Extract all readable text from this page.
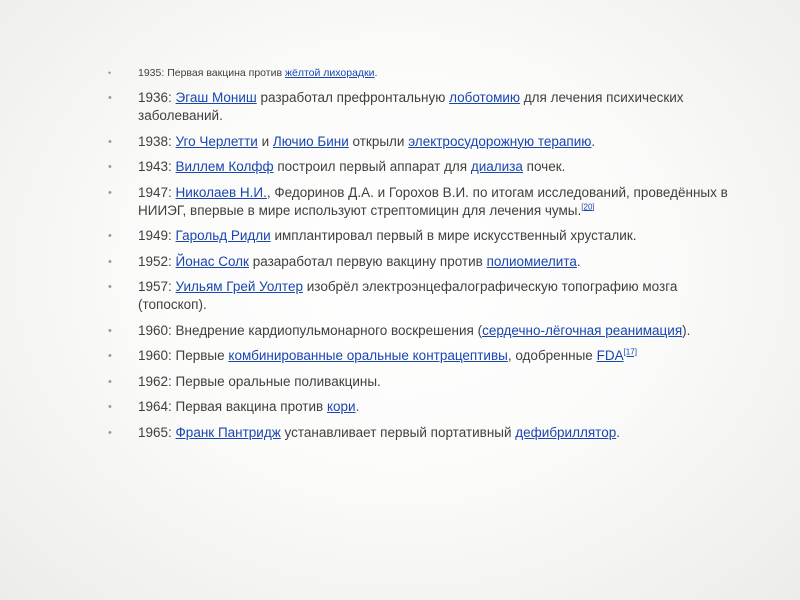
•	1935: Первая вакцина против жёлтой лихорадки.
• 1936: Эгаш Мониш разработал префронтальную лоботомию для лечения психических заболеваний.
• 1938: Уго Черлетти и Лючио Бини открыли электросудорожную терапию.
• 1943: Виллем Колфф построил первый аппарат для диализа почек.
• 1947: Николаев Н.И., Федоринов Д.А. и Горохов В.И. по итогам исследований, проведённых в НИИЭГ, впервые в мире используют стрептомицин для лечения чумы.[20]
• 1949: Гарольд Ридли имплантировал первый в мире искусственный хрусталик.
• 1952: Йонас Солк разаработал первую вакцину против полиомиелита.
• 1957: Уильям Грей Уолтер изобрёл электроэнцефалографическую топографию мозга (топоскоп).
• 1960: Внедрение кардиопульмонарного воскрешения (сердечно-лёгочная реанимация).
• 1960: Первые комбинированные оральные контрацептивы, одобренные FDA[17]
• 1962: Первые оральные поливакцины.
• 1964: Первая вакцина против кори.
• 1965: Франк Пантридж устанавливает первый портативный дефибриллятор.
